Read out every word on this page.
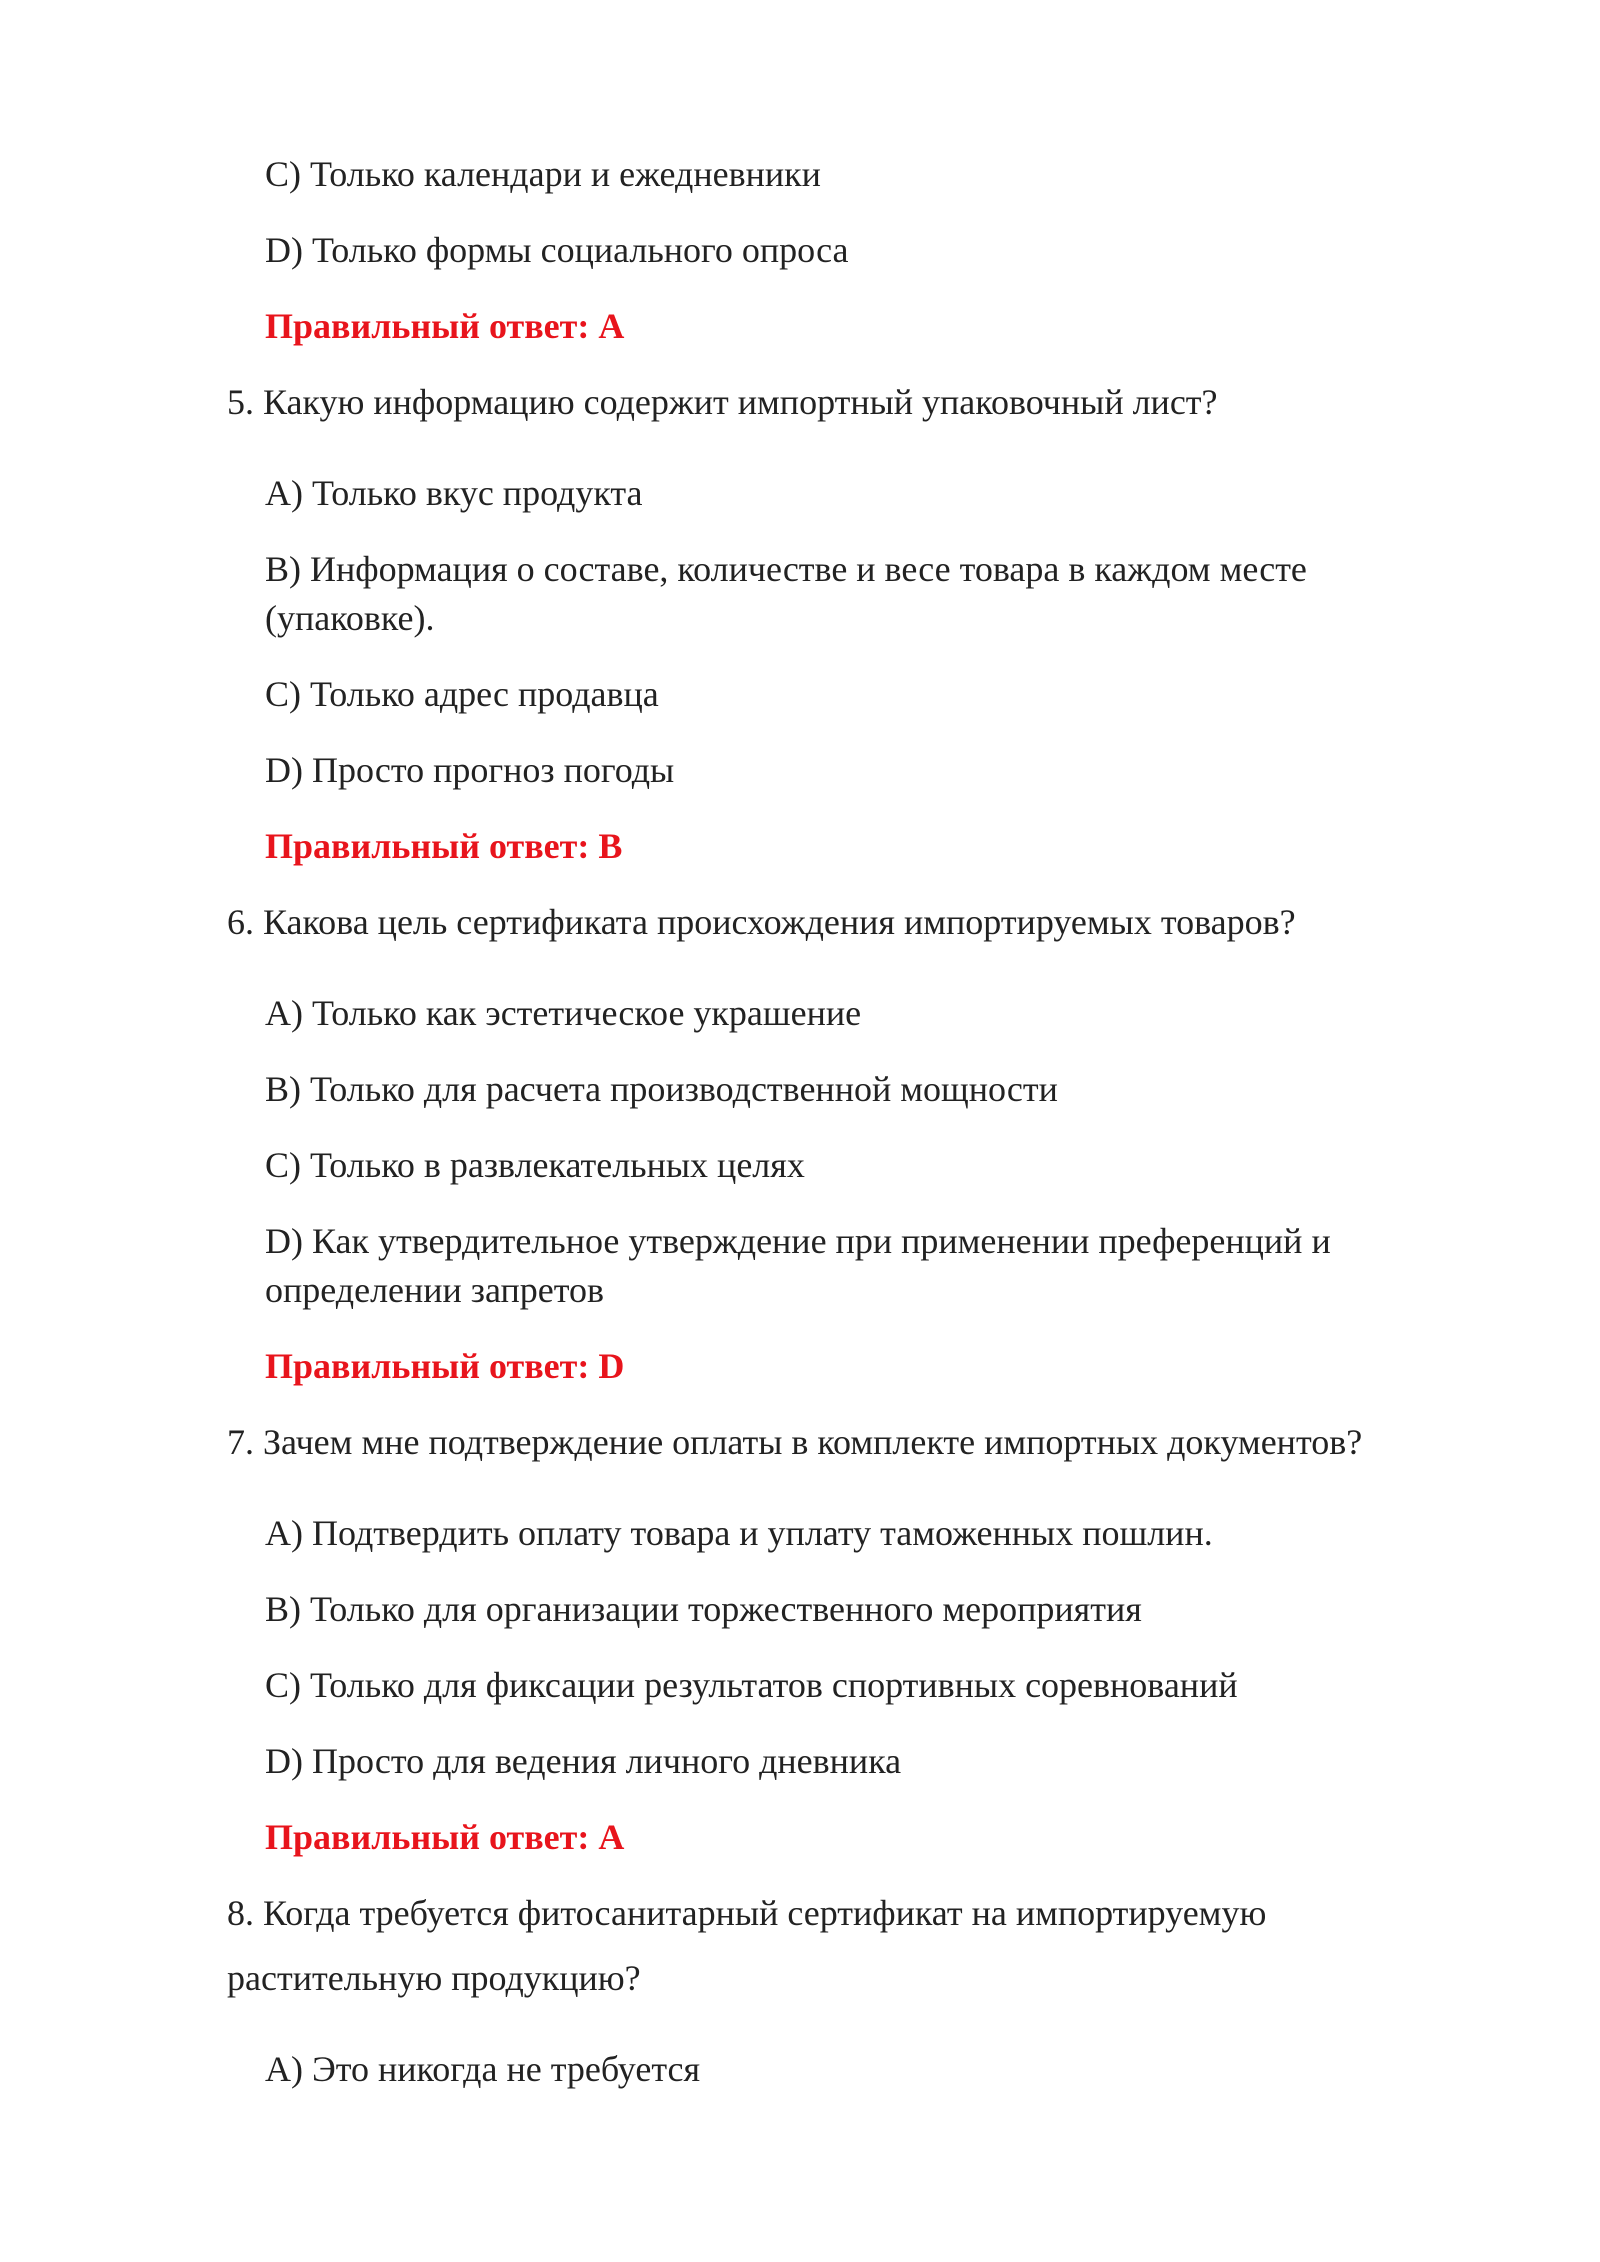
C) Только календари и ежедневники
D) Только формы социального опроса
Правильный ответ: A
5. Какую информацию содержит импортный упаковочный лист?
A) Только вкус продукта
B) Информация о составе, количестве и весе товара в каждом месте
(упаковке).
C) Только адрес продавца
D) Просто прогноз погоды
Правильный ответ: B
6. Какова цель сертификата происхождения импортируемых товаров?
A) Только как эстетическое украшение
B) Только для расчета производственной мощности
C) Только в развлекательных целях
D) Как утвердительное утверждение при применении преференций и
определении запретов
Правильный ответ: D
7. Зачем мне подтверждение оплаты в комплекте импортных документов?
A) Подтвердить оплату товара и уплату таможенных пошлин.
B) Только для организации торжественного мероприятия
C) Только для фиксации результатов спортивных соревнований
D) Просто для ведения личного дневника
Правильный ответ: A
8. Когда требуется фитосанитарный сертификат на импортируемую
растительную продукцию?
A) Это никогда не требуется
